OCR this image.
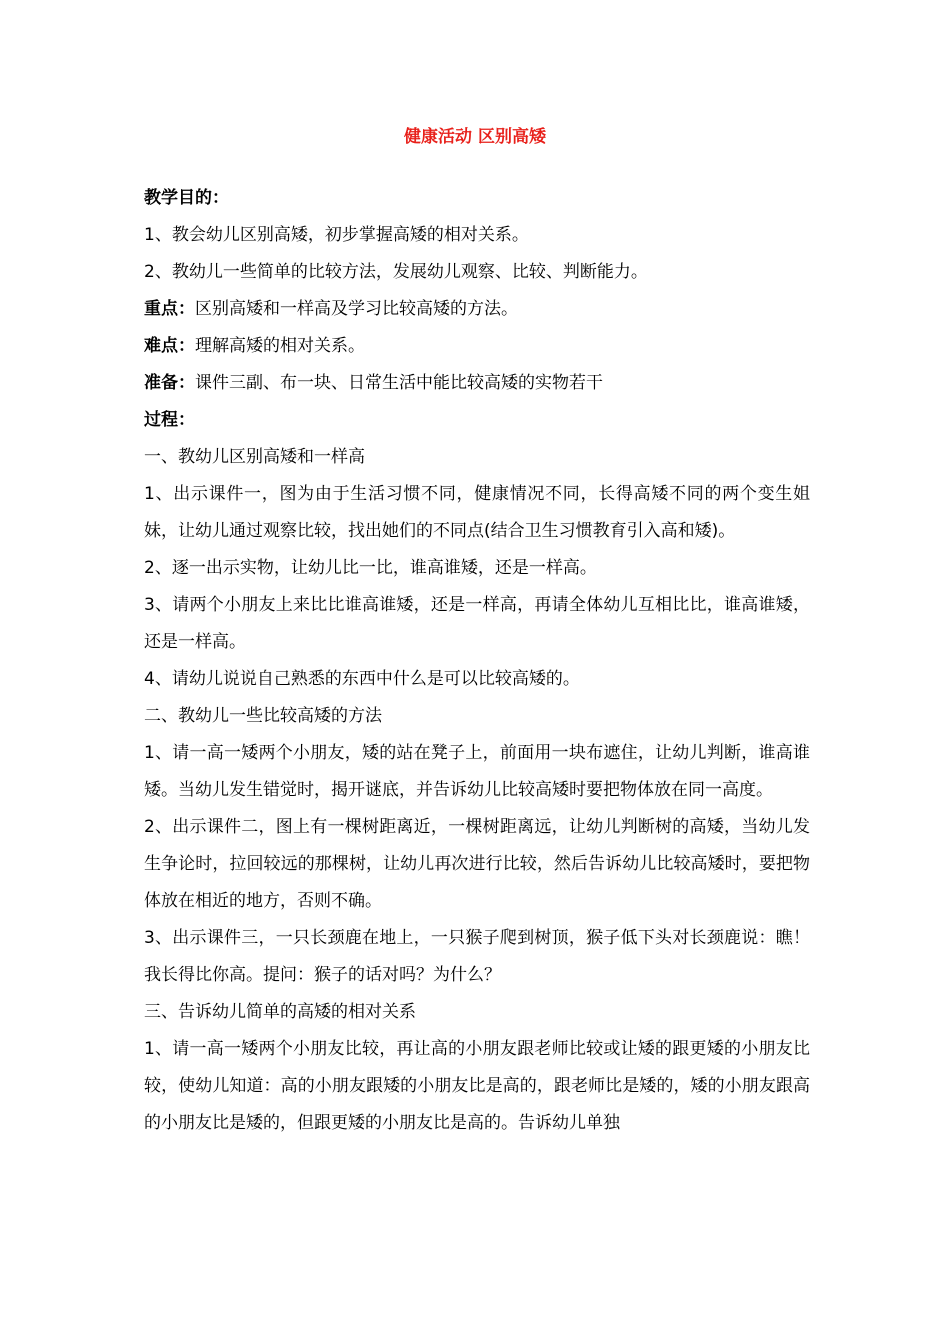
健康活动 区别高矮

教学目的：

1、教会幼儿区别高矮，初步掌握高矮的相对关系。

2、教幼儿一些简单的比较方法，发展幼儿观察、比较、判断能力。

重点：区别高矮和一样高及学习比较高矮的方法。

难点：理解高矮的相对关系。

准备：课件三副、布一块、日常生活中能比较高矮的实物若干

过程：

一、教幼儿区别高矮和一样高

1、出示课件一，图为由于生活习惯不同，健康情况不同，长得高矮不同的两个变生姐妹，让幼儿通过观察比较，找出她们的不同点(结合卫生习惯教育引入高和矮)。

2、逐一出示实物，让幼儿比一比，谁高谁矮，还是一样高。

3、请两个小朋友上来比比谁高谁矮，还是一样高，再请全体幼儿互相比比，谁高谁矮，还是一样高。

4、请幼儿说说自己熟悉的东西中什么是可以比较高矮的。

二、教幼儿一些比较高矮的方法

1、请一高一矮两个小朋友，矮的站在凳子上，前面用一块布遮住，让幼儿判断，谁高谁矮。当幼儿发生错觉时，揭开谜底，并告诉幼儿比较高矮时要把物体放在同一高度。

2、出示课件二，图上有一棵树距离近，一棵树距离远，让幼儿判断树的高矮，当幼儿发生争论时，拉回较远的那棵树，让幼儿再次进行比较，然后告诉幼儿比较高矮时，要把物体放在相近的地方，否则不确。

3、出示课件三，一只长颈鹿在地上，一只猴子爬到树顶，猴子低下头对长颈鹿说：瞧！我长得比你高。提问：猴子的话对吗？为什么？

三、告诉幼儿简单的高矮的相对关系

1、请一高一矮两个小朋友比较，再让高的小朋友跟老师比较或让矮的跟更矮的小朋友比较，使幼儿知道：高的小朋友跟矮的小朋友比是高的，跟老师比是矮的，矮的小朋友跟高的小朋友比是矮的，但跟更矮的小朋友比是高的。告诉幼儿单独
